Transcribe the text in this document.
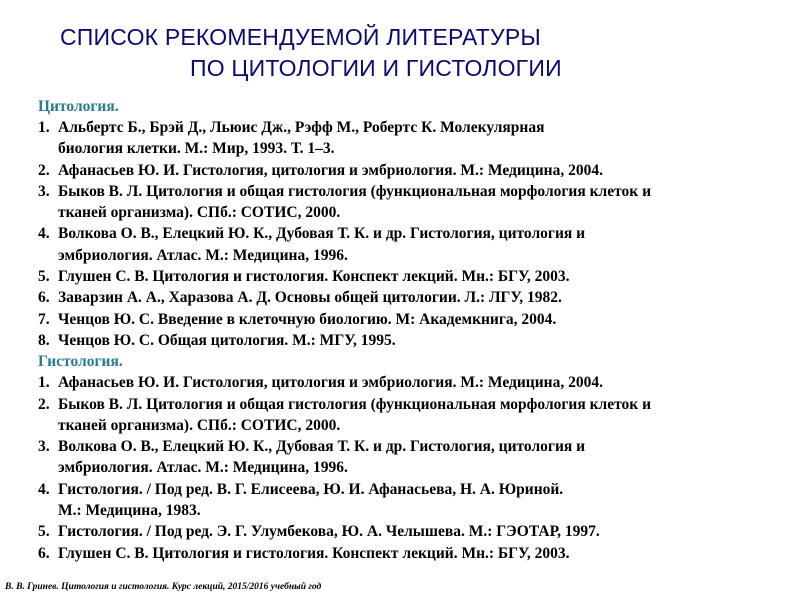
СПИСОК РЕКОМЕНДУЕМОЙ ЛИТЕРАТУРЫ
ПО ЦИТОЛОГИИ И ГИСТОЛОГИИ
Цитология.
1. Альбертс Б., Брэй Д., Льюис Дж., Рэфф М., Робертс К. Молекулярная
биология клетки. М.: Мир, 1993. Т. 1–3.
2. Афанасьев Ю. И. Гистология, цитология и эмбриология. М.: Медицина, 2004.
3. Быков В. Л. Цитология и общая гистология (функциональная морфология клеток и
тканей организма). СПб.: СОТИС, 2000.
4. Волкова О. В., Елецкий Ю. К., Дубовая Т. К. и др. Гистология, цитология и
эмбриология. Атлас. М.: Медицина, 1996.
5. Глушен С. В. Цитология и гистология. Конспект лекций. Мн.: БГУ, 2003.
6. Заварзин А. А., Харазова А. Д. Основы общей цитологии. Л.: ЛГУ, 1982.
7. Ченцов Ю. С. Введение в клеточную биологию. М: Академкнига, 2004.
8. Ченцов Ю. С. Общая цитология. М.: МГУ, 1995.
Гистология.
1. Афанасьев Ю. И. Гистология, цитология и эмбриология. М.: Медицина, 2004.
2. Быков В. Л. Цитология и общая гистология (функциональная морфология клеток и
тканей организма). СПб.: СОТИС, 2000.
3. Волкова О. В., Елецкий Ю. К., Дубовая Т. К. и др. Гистология, цитология и
эмбриология. Атлас. М.: Медицина, 1996.
4. Гистология. / Под ред. В. Г. Елисеева, Ю. И. Афанасьева, Н. А. Юриной.
М.: Медицина, 1983.
5. Гистология. / Под ред. Э. Г. Улумбекова, Ю. А. Челышева. М.: ГЭОТАР, 1997.
6. Глушен С. В. Цитология и гистология. Конспект лекций. Мн.: БГУ, 2003.
В. В. Гринев. Цитология и гистология. Курс лекций, 2015/2016 учебный год
